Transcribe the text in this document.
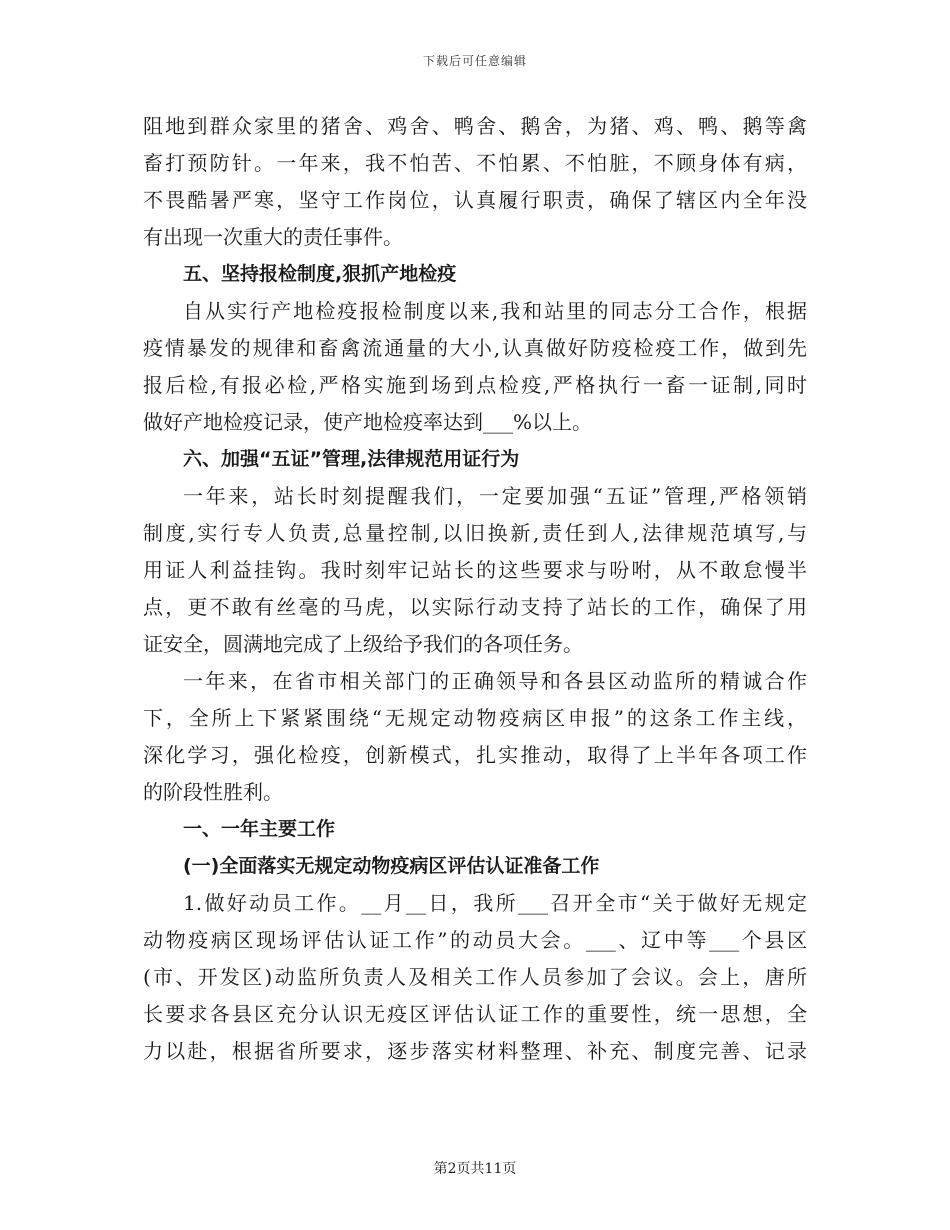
下载后可任意编辑
阻地到群众家里的猪舍、鸡舍、鸭舍、鹅舍，为猪、鸡、鸭、鹅等禽
畜打预防针。一年来，我不怕苦、不怕累、不怕脏，不顾身体有病，
不畏酷暑严寒，坚守工作岗位，认真履行职责，确保了辖区内全年没
有出现一次重大的责任事件。
五、坚持报检制度,狠抓产地检疫
自从实行产地检疫报检制度以来,我和站里的同志分工合作，根据
疫情暴发的规律和畜禽流通量的大小,认真做好防疫检疫工作，做到先
报后检,有报必检,严格实施到场到点检疫,严格执行一畜一证制,同时
做好产地检疫记录，使产地检疫率达到___%以上。
六、加强“五证”管理,法律规范用证行为
一年来，站长时刻提醒我们，一定要加强“五证”管理,严格领销
制度,实行专人负责,总量控制,以旧换新,责任到人,法律规范填写,与
用证人利益挂钩。我时刻牢记站长的这些要求与吩咐，从不敢怠慢半
点，更不敢有丝毫的马虎，以实际行动支持了站长的工作，确保了用
证安全，圆满地完成了上级给予我们的各项任务。
一年来，在省市相关部门的正确领导和各县区动监所的精诚合作
下，全所上下紧紧围绕“无规定动物疫病区申报”的这条工作主线，
深化学习，强化检疫，创新模式，扎实推动，取得了上半年各项工作
的阶段性胜利。
一、一年主要工作
(一)全面落实无规定动物疫病区评估认证准备工作
1.做好动员工作。__月__日，我所___召开全市“关于做好无规定
动物疫病区现场评估认证工作”的动员大会。___、辽中等___个县区
(市、开发区)动监所负责人及相关工作人员参加了会议。会上，唐所
长要求各县区充分认识无疫区评估认证工作的重要性，统一思想，全
力以赴，根据省所要求，逐步落实材料整理、补充、制度完善、记录
第2页共11页
